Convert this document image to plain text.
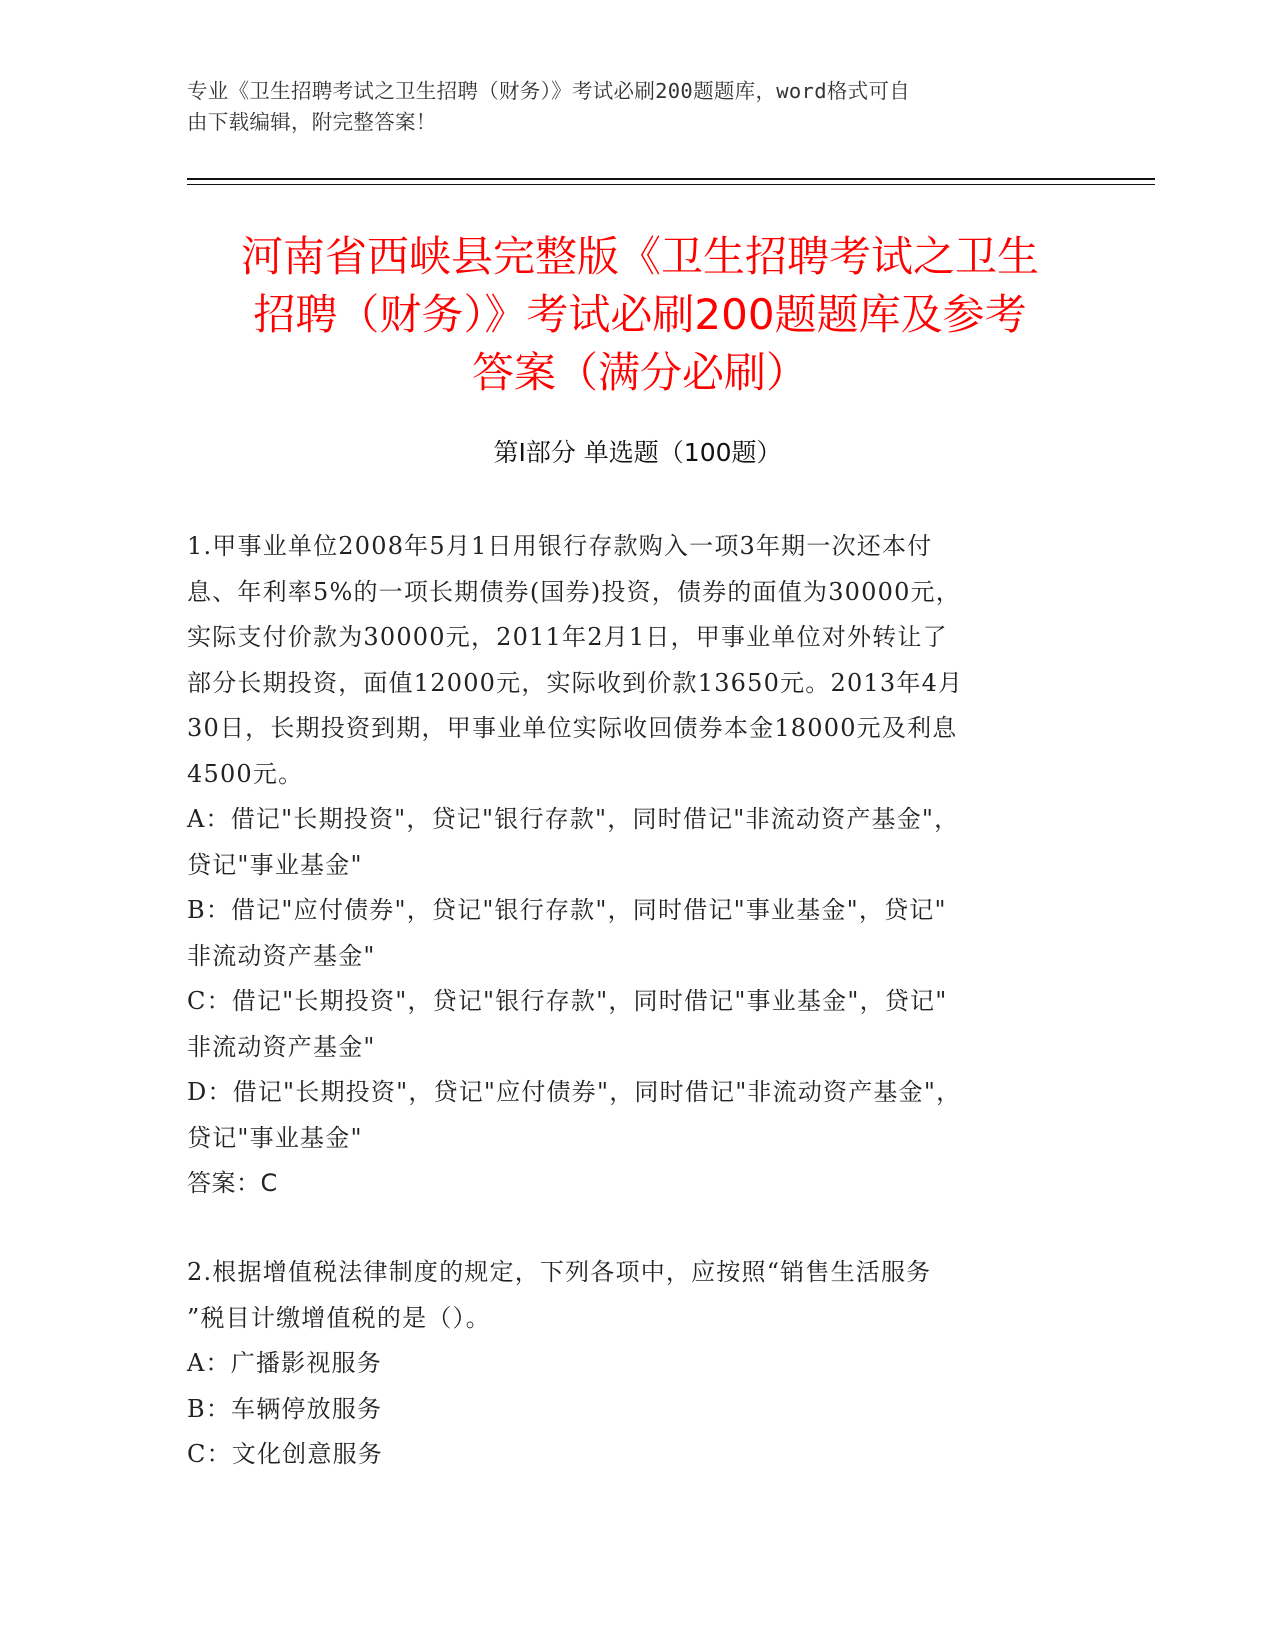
专业《卫生招聘考试之卫生招聘（财务）》考试必刷200题题库，word格式可自
由下载编辑，附完整答案！
河南省西峡县完整版《卫生招聘考试之卫生
招聘（财务）》考试必刷200题题库及参考
答案（满分必刷）
第Ⅰ部分 单选题（100题）
1.甲事业单位2008年5月1日用银行存款购入一项3年期一次还本付
息、年利率5%的一项长期债券(国券)投资，债券的面值为30000元，
实际支付价款为30000元，2011年2月1日，甲事业单位对外转让了
部分长期投资，面值12000元，实际收到价款13650元。2013年4月
30日，长期投资到期，甲事业单位实际收回债券本金18000元及利息
4500元。
A：借记"长期投资"，贷记"银行存款"，同时借记"非流动资产基金"，
贷记"事业基金"
B：借记"应付债券"，贷记"银行存款"，同时借记"事业基金"，贷记"
非流动资产基金"
C：借记"长期投资"，贷记"银行存款"，同时借记"事业基金"，贷记"
非流动资产基金"
D：借记"长期投资"，贷记"应付债券"，同时借记"非流动资产基金"，
贷记"事业基金"
答案：C
2.根据增值税法律制度的规定，下列各项中，应按照“销售生活服务
”税目计缴增值税的是（）。
A：广播影视服务
B：车辆停放服务
C：文化创意服务
